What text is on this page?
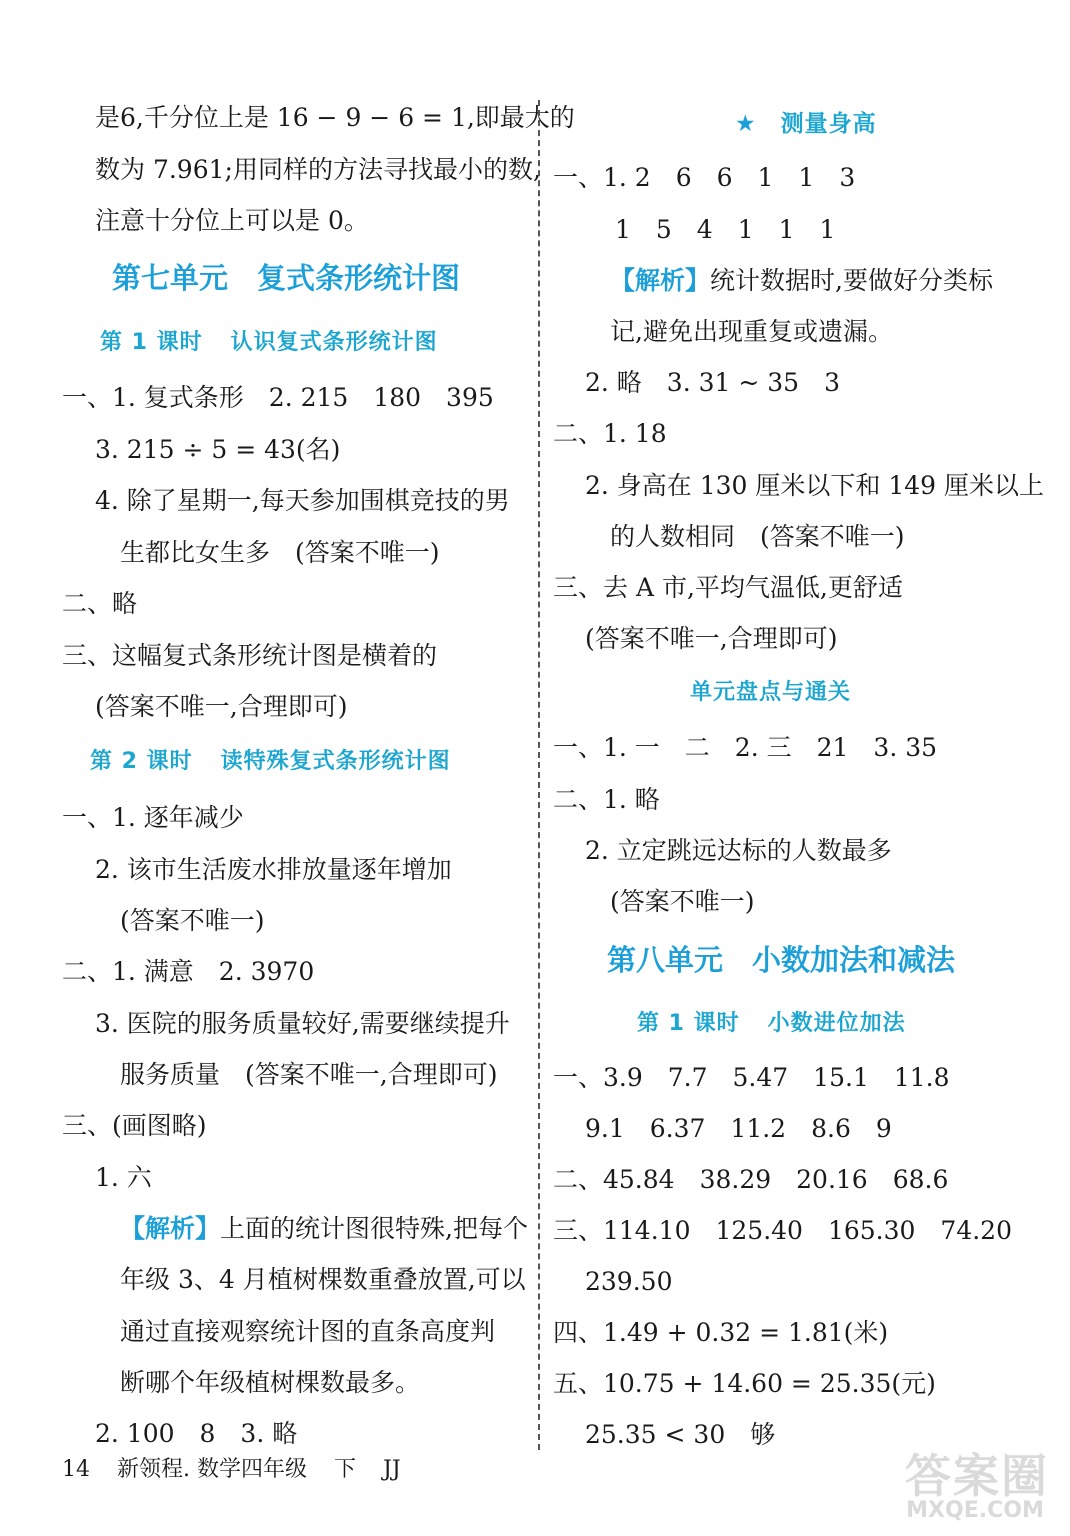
是6,千分位上是 16 − 9 − 6 = 1,即最大的
数为 7.961;用同样的方法寻找最小的数,
注意十分位上可以是 0。
第七单元　复式条形统计图
第 1 课时 认识复式条形统计图
一、1. 复式条形　2. 215　180　395
3. 215 ÷ 5 = 43(名)
4. 除了星期一,每天参加围棋竞技的男
生都比女生多　(答案不唯一)
二、略
三、这幅复式条形统计图是横着的
(答案不唯一,合理即可)
第 2 课时 读特殊复式条形统计图
一、1. 逐年减少
2. 该市生活废水排放量逐年增加
(答案不唯一)
二、1. 满意　2. 3970
3. 医院的服务质量较好,需要继续提升
服务质量　(答案不唯一,合理即可)
三、(画图略)
1. 六
【解析】上面的统计图很特殊,把每个
年级 3、4 月植树棵数重叠放置,可以
通过直接观察统计图的直条高度判
断哪个年级植树棵数最多。
2. 100　8　3. 略
★ 测量身高
一、1. 2　6　6　1　1　3
1　5　4　1　1　1
【解析】统计数据时,要做好分类标
记,避免出现重复或遗漏。
2. 略　3. 31 ~ 35　3
二、1. 18
2. 身高在 130 厘米以下和 149 厘米以上
的人数相同　(答案不唯一)
三、去 A 市,平均气温低,更舒适
(答案不唯一,合理即可)
单元盘点与通关
一、1. 一　二　2. 三　21　3. 35
二、1. 略
2. 立定跳远达标的人数最多
(答案不唯一)
第八单元　小数加法和减法
第 1 课时 小数进位加法
一、3.9　7.7　5.47　15.1　11.8
9.1　6.37　11.2　8.6　9
二、45.84　38.29　20.16　68.6
三、114.10　125.40　165.30　74.20
239.50
四、1.49 + 0.32 = 1.81(米)
五、10.75 + 14.60 = 25.35(元)
25.35 < 30　够
14 新领程. 数学四年级 下 JJ	答案圈
MXQE.COM
